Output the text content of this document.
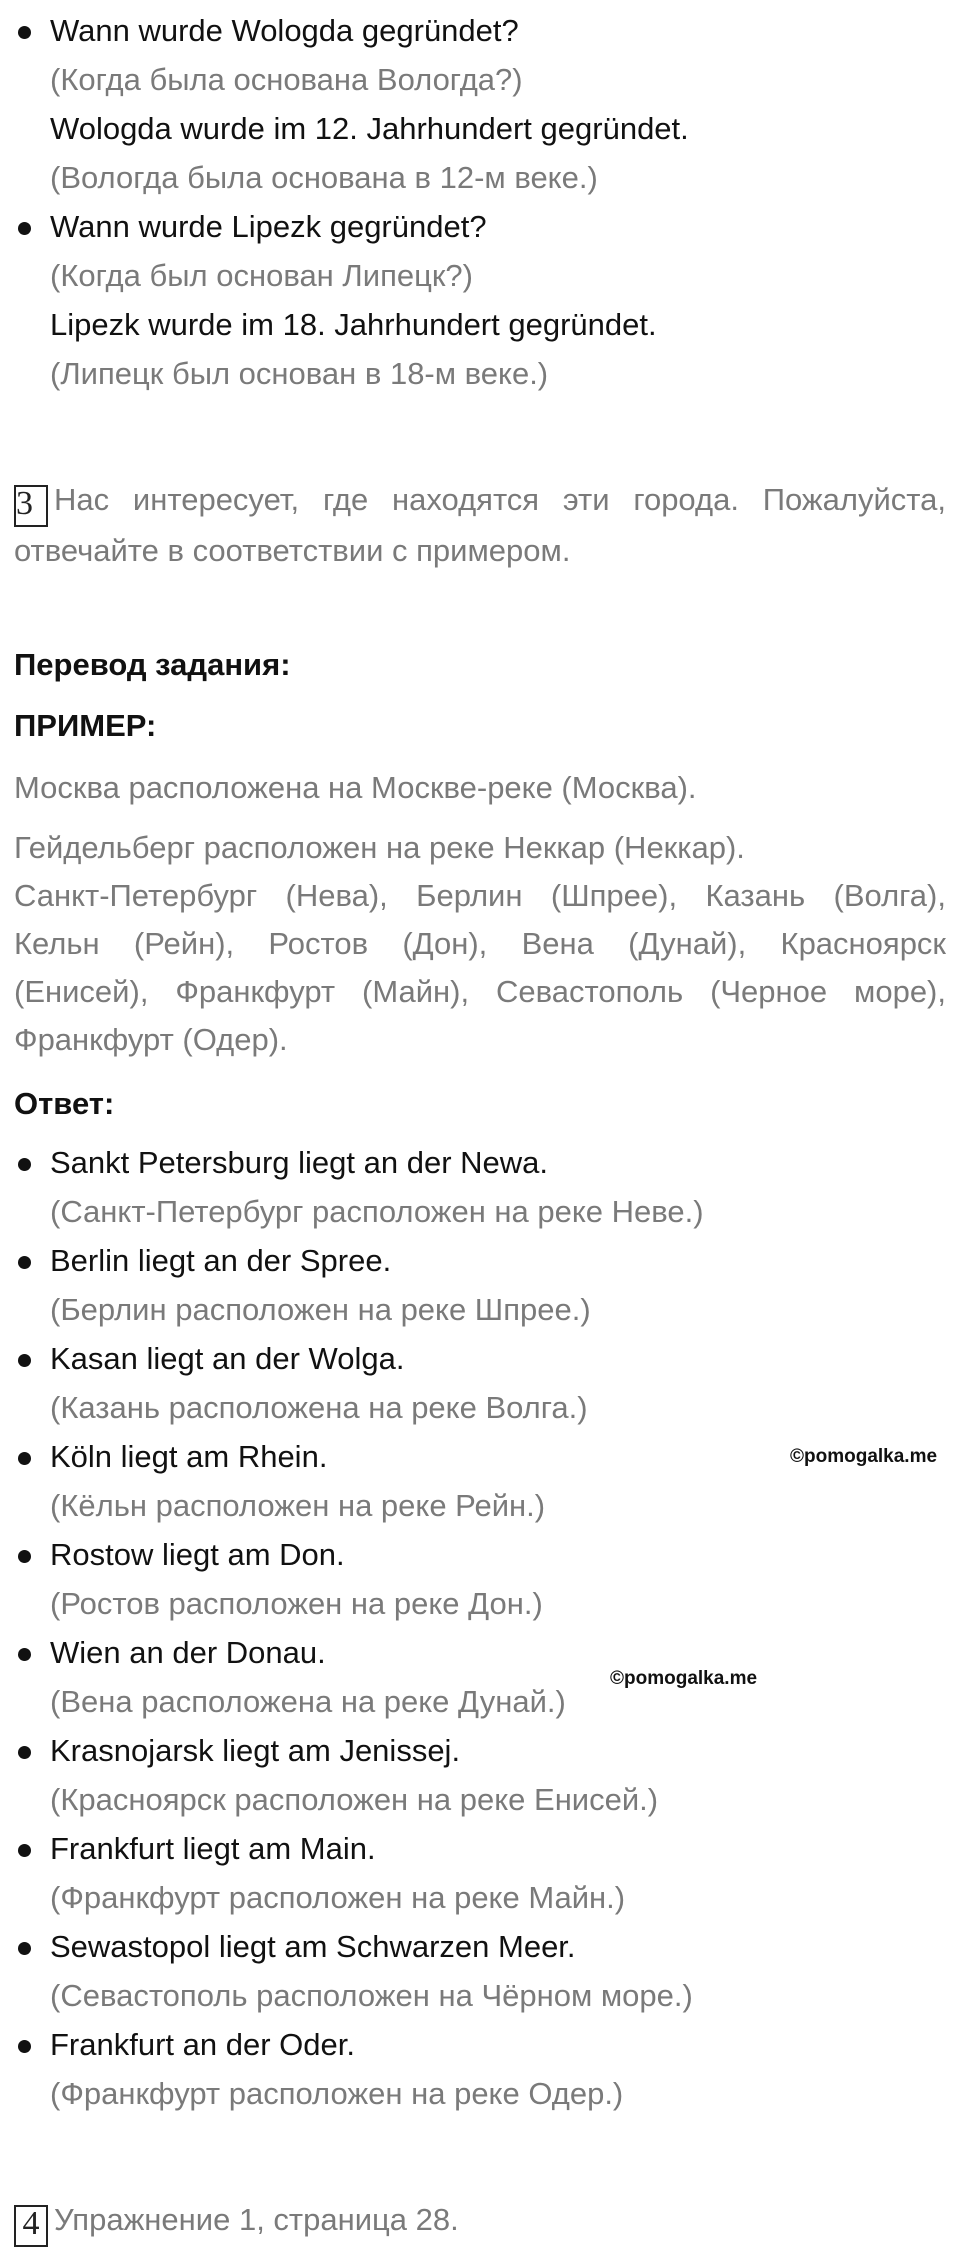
Wann wurde Wologda gegründet?
(Когда была основана Вологда?)
Wologda wurde im 12. Jahrhundert gegründet.
(Вологда была основана в 12-м веке.)
Wann wurde Lipezk gegründet?
(Когда был основан Липецк?)
Lipezk wurde im 18. Jahrhundert gegründet.
(Липецк был основан в 18-м веке.)
3 Нас интересует, где находятся эти города. Пожалуйста,
отвечайте в соответствии с примером.
Перевод задания:
ПРИМЕР:
Москва расположена на Москве-реке (Москва).
Гейдельберг расположен на реке Неккар (Неккар).
Санкт-Петербург (Нева), Берлин (Шпрее), Казань (Волга),
Кельн (Рейн), Ростов (Дон), Вена (Дунай), Красноярск
(Енисей), Франкфурт (Майн), Севастополь (Черное море),
Франкфурт (Одер).
Ответ:
Sankt Petersburg liegt an der Newa.
(Санкт-Петербург расположен на реке Неве.)
Berlin liegt an der Spree.
(Берлин расположен на реке Шпрее.)
Kasan liegt an der Wolga.
(Казань расположена на реке Волга.)
Köln liegt am Rhein.
(Кёльн расположен на реке Рейн.)
Rostow liegt am Don.
(Ростов расположен на реке Дон.)
Wien an der Donau.
(Вена расположена на реке Дунай.)
Krasnojarsk liegt am Jenissej.
(Красноярск расположен на реке Енисей.)
Frankfurt liegt am Main.
(Франкфурт расположен на реке Майн.)
Sewastopol liegt am Schwarzen Meer.
(Севастополь расположен на Чёрном море.)
Frankfurt an der Oder.
(Франкфурт расположен на реке Одер.)
©pomogalka.me
©pomogalka.me
4 Упражнение 1, страница 28.
